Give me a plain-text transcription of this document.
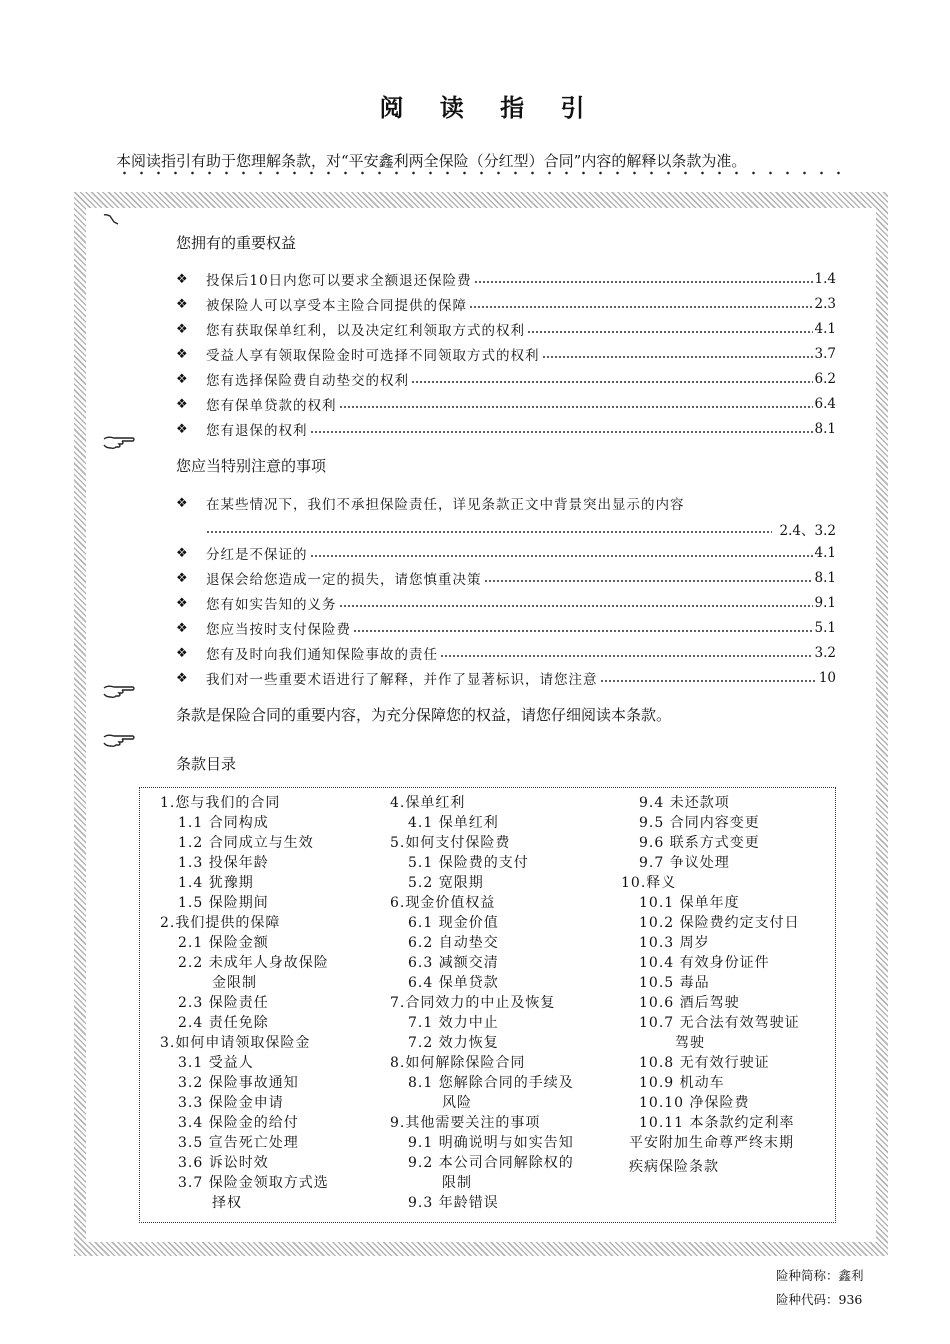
阅 读 指 引
本阅读指引有助于您理解条款，对“平安鑫利两全保险（分红型）合同”内容的解释以条款为准。
您拥有的重要权益
❖	投保后10日内您可以要求全额退还保险费	1.4
❖	被保险人可以享受本主险合同提供的保障	2.3
❖	您有获取保单红利，以及决定红利领取方式的权利	4.1
❖	受益人享有领取保险金时可选择不同领取方式的权利	3.7
❖	您有选择保险费自动垫交的权利	6.2
❖	您有保单贷款的权利	6.4
❖	您有退保的权利	8.1
您应当特别注意的事项
❖	在某些情况下，我们不承担保险责任，详见条款正文中背景突出显示的内容
2.4、3.2
❖	分红是不保证的	4.1
❖	退保会给您造成一定的损失，请您慎重决策	8.1
❖	您有如实告知的义务	9.1
❖	您应当按时支付保险费	5.1
❖	您有及时向我们通知保险事故的责任	3.2
❖	我们对一些重要术语进行了解释，并作了显著标识，请您注意	10
条款是保险合同的重要内容，为充分保障您的权益，请您仔细阅读本条款。
条款目录
1.您与我们的合同
1.1 合同构成
1.2 合同成立与生效
1.3 投保年龄
1.4 犹豫期
1.5 保险期间
2.我们提供的保障
2.1 保险金额
2.2 未成年人身故保险
金限制
2.3 保险责任
2.4 责任免除
3.如何申请领取保险金
3.1 受益人
3.2 保险事故通知
3.3 保险金申请
3.4 保险金的给付
3.5 宣告死亡处理
3.6 诉讼时效
3.7 保险金领取方式选
择权
4.保单红利
4.1 保单红利
5.如何支付保险费
5.1 保险费的支付
5.2 宽限期
6.现金价值权益
6.1 现金价值
6.2 自动垫交
6.3 减额交清
6.4 保单贷款
7.合同效力的中止及恢复
7.1 效力中止
7.2 效力恢复
8.如何解除保险合同
8.1 您解除合同的手续及
风险
9.其他需要关注的事项
9.1 明确说明与如实告知
9.2 本公司合同解除权的
限制
9.3 年龄错误
9.4 未还款项
9.5 合同内容变更
9.6 联系方式变更
9.7 争议处理
10.释义
10.1 保单年度
10.2 保险费约定支付日
10.3 周岁
10.4 有效身份证件
10.5 毒品
10.6 酒后驾驶
10.7 无合法有效驾驶证
驾驶
10.8 无有效行驶证
10.9 机动车
10.10 净保险费
10.11 本条款约定利率
平安附加生命尊严终末期
疾病保险条款
险种简称：鑫利
险种代码：936
